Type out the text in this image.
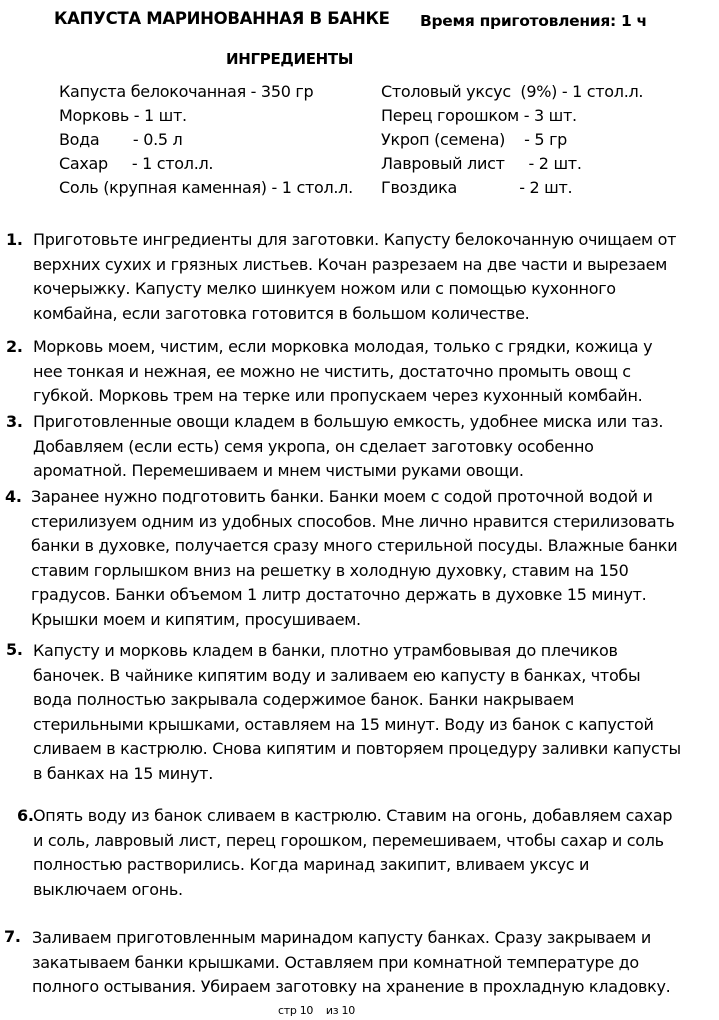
КАПУСТА МАРИНОВАННАЯ В БАНКЕ Время приготовления: 1 ч
ИНГРЕДИЕНТЫ
Капуста белокочанная - 350 гр
Морковь - 1 шт.
Вода       - 0.5 л
Сахар     - 1 стол.л.
Соль (крупная каменная) - 1 стол.л.
Столовый уксус  (9%) - 1 стол.л.
Перец горошком - 3 шт.
Укроп (семена)    - 5 гр
Лавровый лист     - 2 шт.
Гвоздика             - 2 шт.
1. Приготовьте ингредиенты для заготовки. Капусту белокочанную очищаем от
верхних сухих и грязных листьев. Кочан разрезаем на две части и вырезаем
кочерыжку. Капусту мелко шинкуем ножом или с помощью кухонного
комбайна, если заготовка готовится в большом количестве.
2. Морковь моем, чистим, если морковка молодая, только с грядки, кожица у
нее тонкая и нежная, ее можно не чистить, достаточно промыть овощ с
губкой. Морковь трем на терке или пропускаем через кухонный комбайн.
3. Приготовленные овощи кладем в большую емкость, удобнее миска или таз.
Добавляем (если есть) семя укропа, он сделает заготовку особенно
ароматной. Перемешиваем и мнем чистыми руками овощи.
4. Заранее нужно подготовить банки. Банки моем с содой проточной водой и
стерилизуем одним из удобных способов. Мне лично нравится стерилизовать
банки в духовке, получается сразу много стерильной посуды. Влажные банки
ставим горлышком вниз на решетку в холодную духовку, ставим на 150
градусов. Банки объемом 1 литр достаточно держать в духовке 15 минут.
Крышки моем и кипятим, просушиваем.
5. Капусту и морковь кладем в банки, плотно утрамбовывая до плечиков
баночек. В чайнике кипятим воду и заливаем ею капусту в банках, чтобы
вода полностью закрывала содержимое банок. Банки накрываем
стерильными крышками, оставляем на 15 минут. Воду из банок с капустой
сливаем в кастрюлю. Снова кипятим и повторяем процедуру заливки капусты
в банках на 15 минут.
6. Опять воду из банок сливаем в кастрюлю. Ставим на огонь, добавляем сахар
и соль, лавровый лист, перец горошком, перемешиваем, чтобы сахар и соль
полностью растворились. Когда маринад закипит, вливаем уксус и
выключаем огонь.
7. Заливаем приготовленным маринадом капусту банках. Сразу закрываем и
закатываем банки крышками. Оставляем при комнатной температуре до
полного остывания. Убираем заготовку на хранение в прохладную кладовку.
стр 10    из 10
